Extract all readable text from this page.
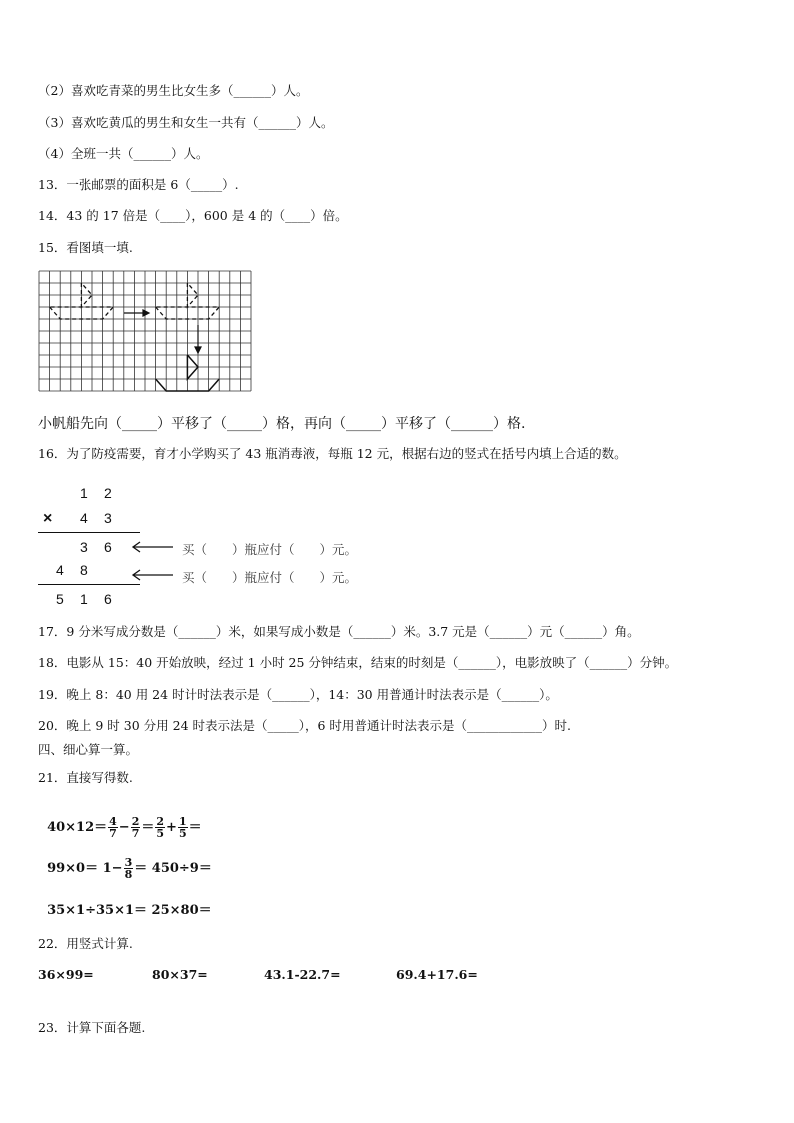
（2）喜欢吃青菜的男生比女生多（______）人。
（3）喜欢吃黄瓜的男生和女生一共有（______）人。
（4）全班一共（______）人。
13．一张邮票的面积是 6（_____）.
14．43 的 17 倍是（____），600 是 4 的（____）倍。
15．看图填一填.
小帆船先向（_____）平移了（_____）格，再向（_____）平移了（______）格.
16．为了防疫需要，育才小学购买了 43 瓶消毒液，每瓶 12 元，根据右边的竖式在括号内填上合适的数。
1 2
× 4 3
3 6
4 8
5 1 6
买（　　）瓶应付（　　）元。
买（　　）瓶应付（　　）元。
17．9 分米写成分数是（______）米，如果写成小数是（______）米。3.7 元是（______）元（______）角。
18．电影从 15：40 开始放映，经过 1 小时 25 分钟结束，结束的时刻是（______），电影放映了（______）分钟。
19．晚上 8：40 用 24 时计时法表示是（______），14：30 用普通计时法表示是（______）。
20．晚上 9 时 30 分用 24 时表示法是（_____），6 时用普通计时法表示是（____________）时.
四、细心算一算。
21．直接写得数.

$40\times 12= \frac{4}{7} - \frac{2}{7} = \frac{2}{5} + \frac{1}{5}$ ＝

$99\times 0= 1- \frac{3}{8} = 450\div 9=$

35×1÷35×1＝ 25×80＝

22．用竖式计算.
36×99=	80×37=	43.1-22.7=	69.4+17.6=
23．计算下面各题.
